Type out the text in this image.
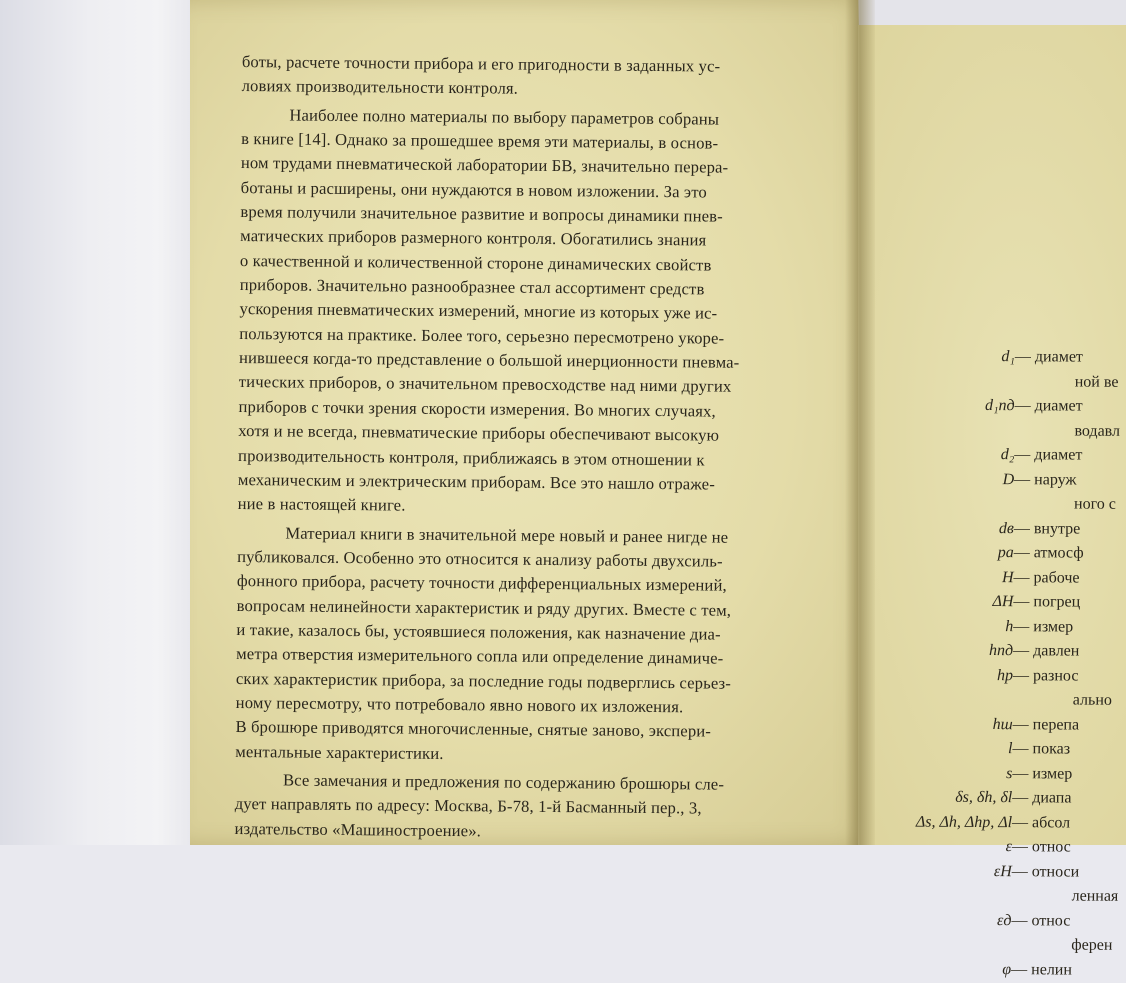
боты, расчете точности прибора и его пригодности в заданных ус-
ловиях производительности контроля.
Наиболее полно материалы по выбору параметров собраны
в книге [14]. Однако за прошедшее время эти материалы, в основ-
ном трудами пневматической лаборатории БВ, значительно перера-
ботаны и расширены, они нуждаются в новом изложении. За это
время получили значительное развитие и вопросы динамики пнев-
матических приборов размерного контроля. Обогатились знания
о качественной и количественной стороне динамических свойств
приборов. Значительно разнообразнее стал ассортимент средств
ускорения пневматических измерений, многие из которых уже ис-
пользуются на практике. Более того, серьезно пересмотрено укоре-
нившееся когда-то представление о большой инерционности пневма-
тических приборов, о значительном превосходстве над ними других
приборов с точки зрения скорости измерения. Во многих случаях,
хотя и не всегда, пневматические приборы обеспечивают высокую
производительность контроля, приближаясь в этом отношении к
механическим и электрическим приборам. Все это нашло отраже-
ние в настоящей книге.
Материал книги в значительной мере новый и ранее нигде не
публиковался. Особенно это относится к анализу работы двухсиль-
фонного прибора, расчету точности дифференциальных измерений,
вопросам нелинейности характеристик и ряду других. Вместе с тем,
и такие, казалось бы, устоявшиеся положения, как назначение диа-
метра отверстия измерительного сопла или определение динамиче-
ских характеристик прибора, за последние годы подверглись серьез-
ному пересмотру, что потребовало явно нового их изложения.
В брошюре приводятся многочисленные, снятые заново, экспери-
ментальные характеристики.
Все замечания и предложения по содержанию брошюры сле-
дует направлять по адресу: Москва, Б-78, 1-й Басманный пер., 3,
издательство «Машиностроение».
d₁ — диамет
ной ве
d₁пд — диамет
водавл
d₂ — диамет
D — наруж
ного с
dв — внутре
pа — атмосф
H — рабоче
ΔH — погрец
h — измер
hпд — давлен
hр — разнос
альнo
hш — перепа
l — показ
s — измер
δs, δh, δl — диапа
Δs, Δh, Δhр, Δl — абсол
ε — относ
εH — относи
ленная
εд — относ
ферен
φ — нелин
